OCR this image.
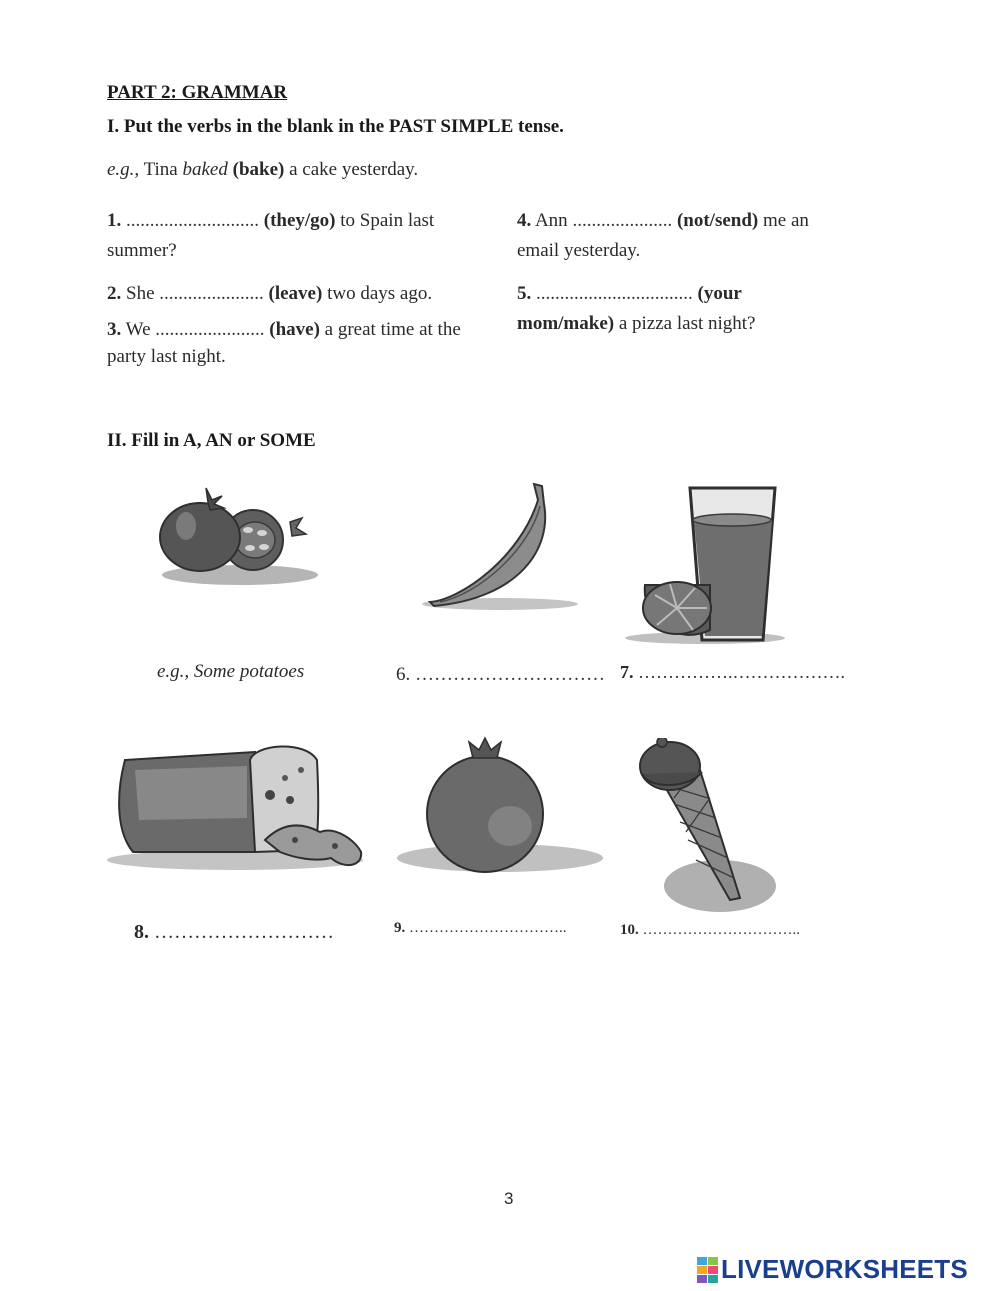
PART 2: GRAMMAR
I. Put the verbs in the blank in the PAST SIMPLE tense.
e.g., Tina baked (bake) a cake yesterday.
1. ............................ (they/go) to Spain last summer?
2. She ...................... (leave) two days ago.
3. We ....................... (have) a great time at the party last night.
4. Ann ..................... (not/send) me an email yesterday.
5. ................................. (your mom/make) a pizza last night?
II. Fill in A, AN or SOME
e.g., Some potatoes	6. ………………………… 7. …………….……………….
8. ………………………	9. …………………………..	10. …………………………..
3
LIVEWORKSHEETS
